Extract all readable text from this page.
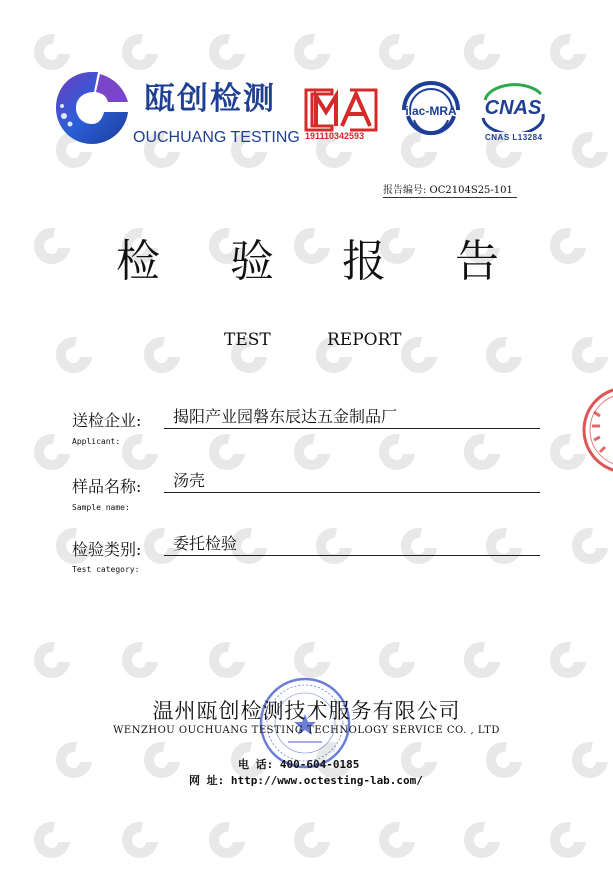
瓯创检测
OUCHUANG TESTING 191110342593
ilac-MRA CNAS
CNAS L13284
报告编号: OC2104S25-101
检 验 报 告
TEST	REPORT
送检企业:	揭阳产业园磐东辰达五金制品厂
Applicant:
样品名称:	汤壳
Sample name:
检验类别:	委托检验
Test category:
温州瓯创检测技术服务有限公司
WENZHOU OUCHUANG TESTING TECHNOLOGY SERVICE CO. , LTD
电 话: 400-604-0185
网 址: http://www.octesting-lab.com/
